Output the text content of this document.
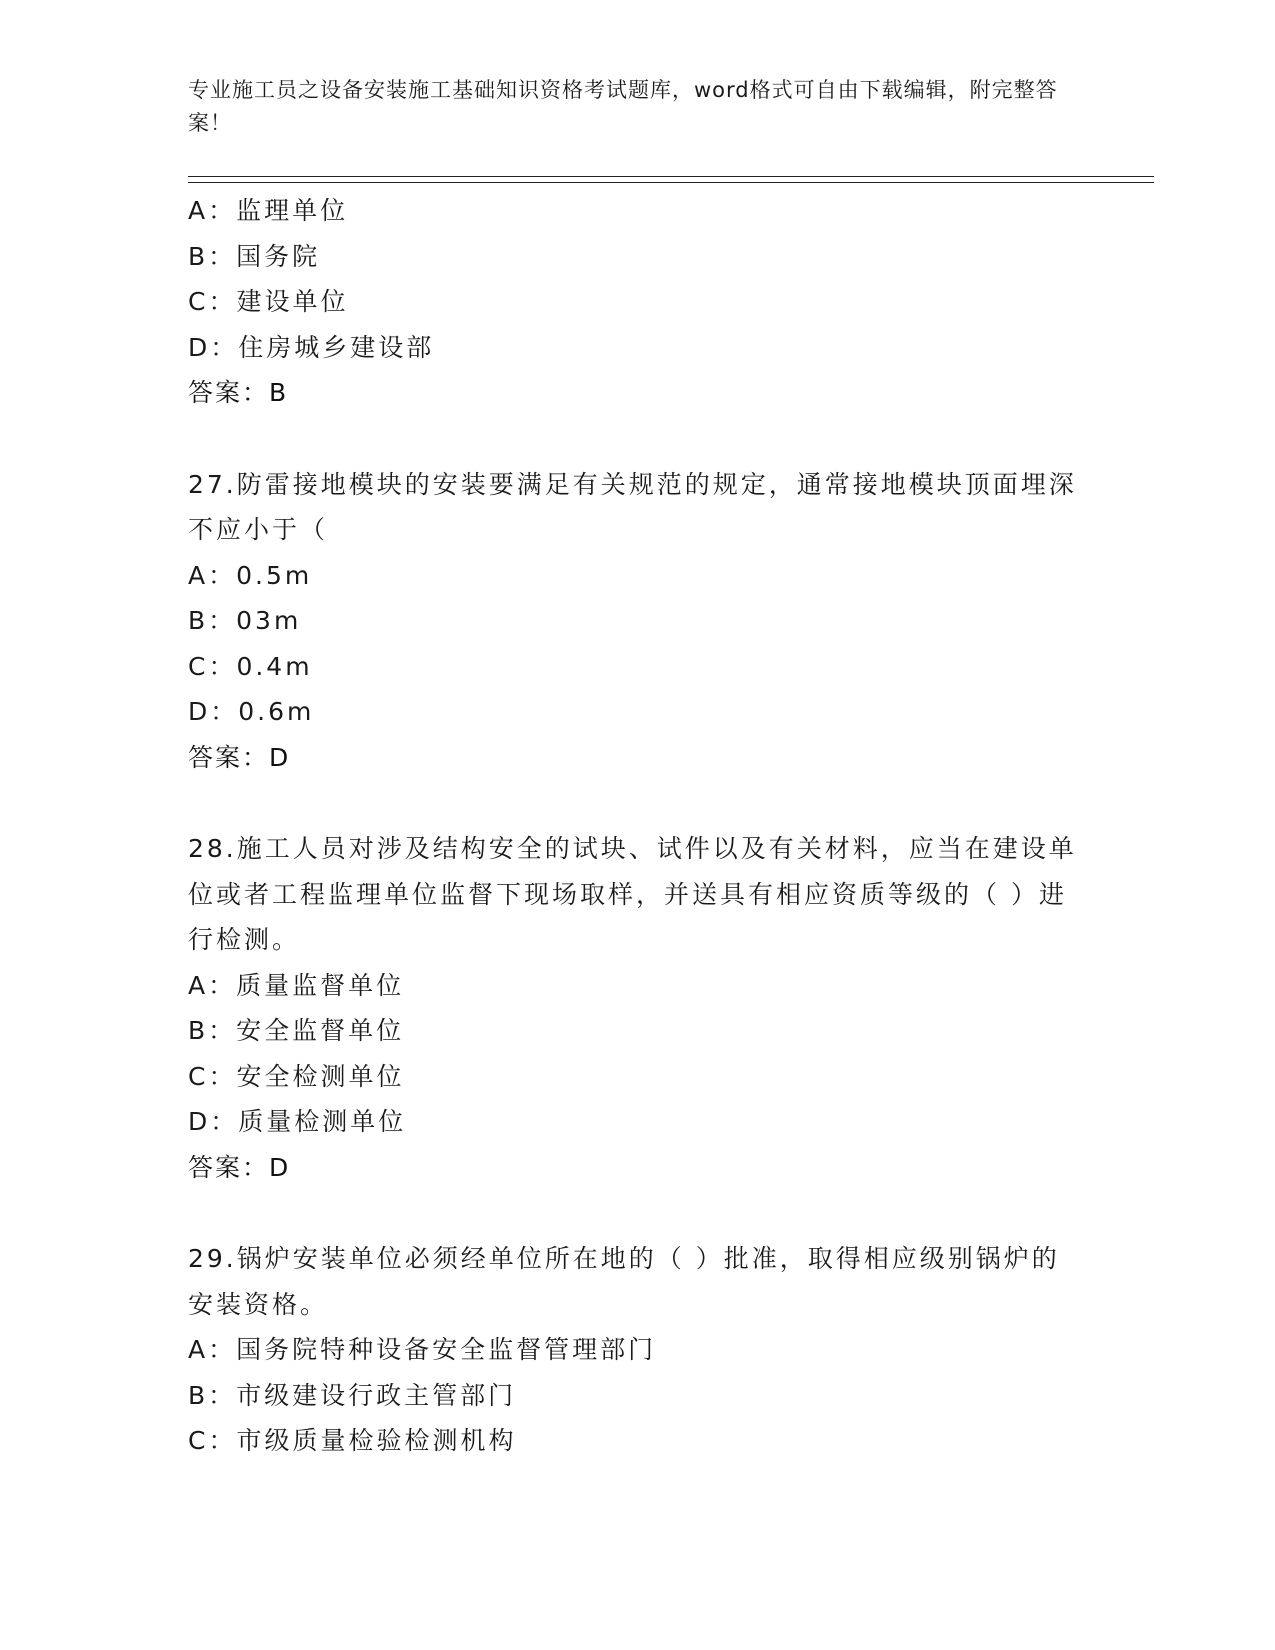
专业施工员之设备安装施工基础知识资格考试题库，word格式可自由下载编辑，附完整答案！
A：监理单位
B：国务院
C：建设单位
D：住房城乡建设部
答案：B
27.防雷接地模块的安装要满足有关规范的规定，通常接地模块顶面埋深不应小于（
A：0.5m
B：03m
C：0.4m
D：0.6m
答案：D
28.施工人员对涉及结构安全的试块、试件以及有关材料，应当在建设单位或者工程监理单位监督下现场取样，并送具有相应资质等级的（ ）进行检测。
A：质量监督单位
B：安全监督单位
C：安全检测单位
D：质量检测单位
答案：D
29.锅炉安装单位必须经单位所在地的（ ）批准，取得相应级别锅炉的安装资格。
A：国务院特种设备安全监督管理部门
B：市级建设行政主管部门
C：市级质量检验检测机构
